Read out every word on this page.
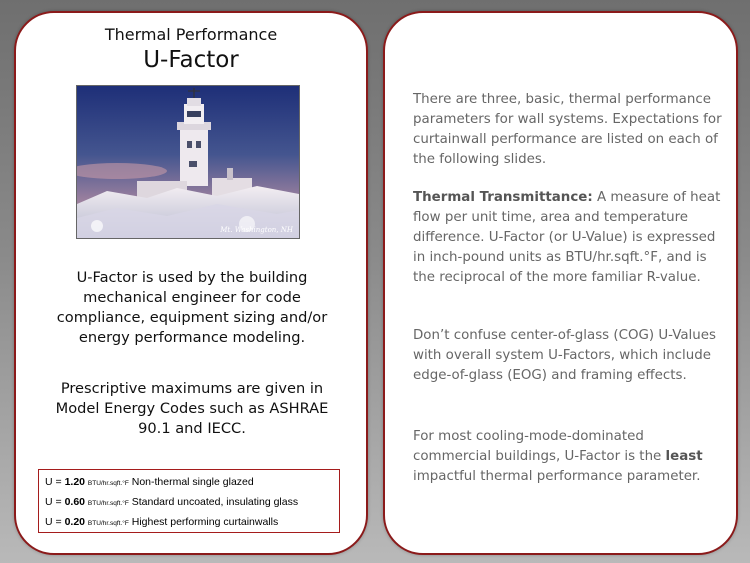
Thermal Performance
U-Factor
Mt. Washington, NH
U-Factor is used by the building mechanical engineer for code compliance, equipment sizing and/or energy performance modeling.
Prescriptive maximums are given in Model Energy Codes such as ASHRAE 90.1 and IECC.
U = 1.20 BTU/hr.sqft.°F Non-thermal single glazed
U = 0.60 BTU/hr.sqft.°F Standard uncoated, insulating glass
U = 0.20 BTU/hr.sqft.°F Highest performing curtainwalls
There are three, basic, thermal performance parameters for wall systems. Expectations for curtainwall performance are listed on each of the following slides.
Thermal Transmittance: A measure of heat flow per unit time, area and temperature difference. U-Factor (or U-Value) is expressed in inch-pound units as BTU/hr.sqft.°F, and is the reciprocal of the more familiar R-value.
Don’t confuse center-of-glass (COG) U-Values with overall system U-Factors, which include edge-of-glass (EOG) and framing effects.
For most cooling-mode-dominated commercial buildings, U-Factor is the least impactful thermal performance parameter.
